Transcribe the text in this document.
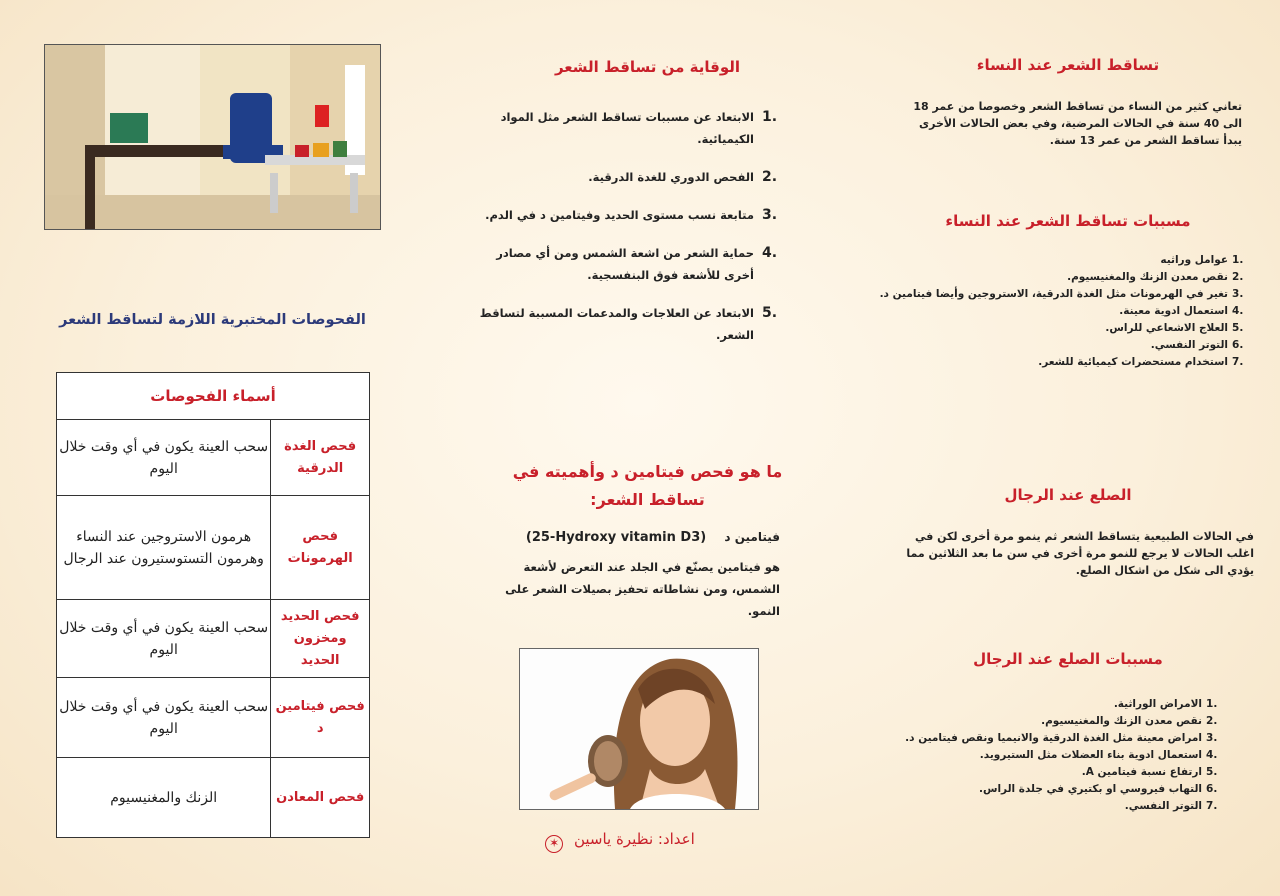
تساقط الشعر عند النساء

تعاني كثير من النساء من تساقط الشعر وخصوصا من عمر 18 الى 40 سنة في الحالات المرضية، وفي بعض الحالات الأخرى يبدأ تساقط الشعر من عمر 13 سنة.

مسببات تساقط الشعر عند النساء
عوامل وراثيه
نقص معدن الزنك والمغنيسيوم.
تغير في الهرمونات مثل الغدة الدرقية، الاستروجين وأيضا فيتامين د.
استعمال ادوية معينة.
العلاج الاشعاعي للراس.
التوتر النفسي.
استخدام مستحضرات كيميائية للشعر.
الصلع عند الرجال

في الحالات الطبيعية يتساقط الشعر ثم ينمو مرة أخرى لكن في اغلب الحالات لا يرجع للنمو مرة أخرى في سن ما بعد الثلاثين مما يؤدي الى شكل من اشكال الصلع.

مسببات الصلع عند الرجال
الامراض الوراثية.
نقص معدن الزنك والمغنيسيوم.
امراض معينة مثل الغدة الدرقية والانيميا ونقص فيتامين د.
استعمال ادوية بناء العضلات مثل الستيرويد.
ارتفاع نسبة فيتامين A.
التهاب فيروسي او بكتيري في جلدة الراس.
التوتر النفسي.
الوقاية من تساقط الشعر
الابتعاد عن مسببات تساقط الشعر مثل المواد الكيميائية.
الفحص الدوري للغدة الدرقية.
متابعة نسب مستوى الحديد وفيتامين د في الدم.
حماية الشعر من اشعة الشمس ومن أي مصادر أخرى للأشعة فوق البنفسجية.
الابتعاد عن العلاجات والمدعمات المسببة لتساقط الشعر.
ما هو فحص فيتامين د وأهميته في تساقط الشعر:
فيتامين د (25-Hydroxy vitamin D3)

هو فيتامين يصنّع في الجلد عند التعرض لأشعة الشمس، ومن نشاطاته تحفيز بصيلات الشعر على النمو.

اعداد: نظيرة ياسين ✶
الفحوصات المختبرية اللازمة لتساقط الشعر
أسماء الفحوصات	
فحص الغدة الدرقية	سحب العينة يكون في أي وقت خلال اليوم
فحص الهرمونات	هرمون الاستروجين عند النساء وهرمون التستوستيرون عند الرجال
فحص الحديد ومخزون الحديد	سحب العينة يكون في أي وقت خلال اليوم
فحص فيتامين د	سحب العينة يكون في أي وقت خلال اليوم
فحص المعادن	الزنك والمغنيسيوم
